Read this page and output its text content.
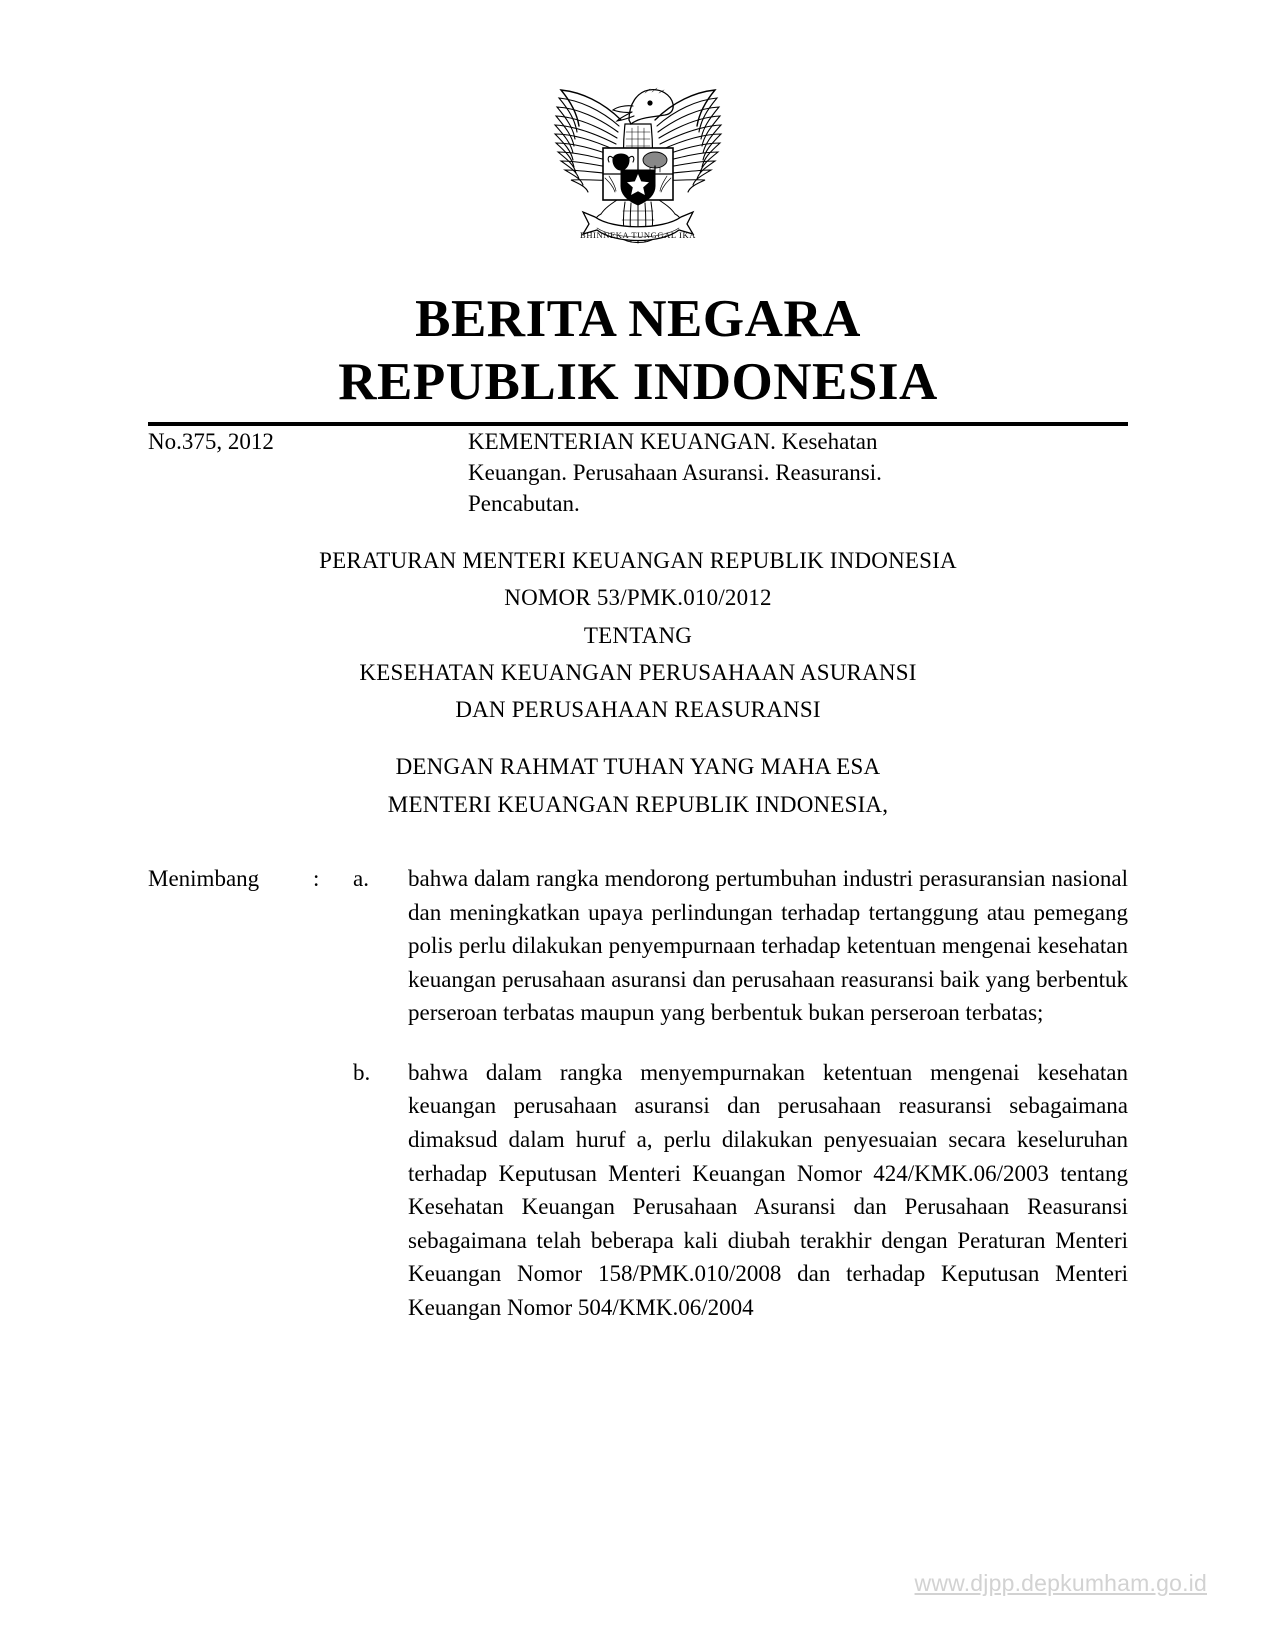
BHINNEKA TUNGGAL IKA
BERITA NEGARA
REPUBLIK INDONESIA
No.375, 2012	KEMENTERIAN KEUANGAN. Kesehatan
Keuangan. Perusahaan Asuransi. Reasuransi.
Pencabutan.
PERATURAN MENTERI KEUANGAN REPUBLIK INDONESIA
NOMOR 53/PMK.010/2012
TENTANG
KESEHATAN KEUANGAN PERUSAHAAN ASURANSI
DAN PERUSAHAAN REASURANSI
DENGAN RAHMAT TUHAN YANG MAHA ESA
MENTERI KEUANGAN REPUBLIK INDONESIA,
Menimbang	:	a.	bahwa dalam rangka mendorong pertumbuhan industri perasuransian nasional dan meningkatkan upaya perlindungan terhadap tertanggung atau pemegang polis perlu dilakukan penyempurnaan terhadap ketentuan mengenai kesehatan keuangan perusahaan asuransi dan perusahaan reasuransi baik yang berbentuk perseroan terbatas maupun yang berbentuk bukan perseroan terbatas;
b.	bahwa dalam rangka menyempurnakan ketentuan mengenai kesehatan keuangan perusahaan asuransi dan perusahaan reasuransi sebagaimana dimaksud dalam huruf a, perlu dilakukan penyesuaian secara keseluruhan terhadap Keputusan Menteri Keuangan Nomor 424/KMK.06/2003 tentang Kesehatan Keuangan Perusahaan Asuransi dan Perusahaan Reasuransi sebagaimana telah beberapa kali diubah terakhir dengan Peraturan Menteri Keuangan Nomor 158/PMK.010/2008 dan terhadap Keputusan Menteri Keuangan Nomor 504/KMK.06/2004
www.djpp.depkumham.go.id
